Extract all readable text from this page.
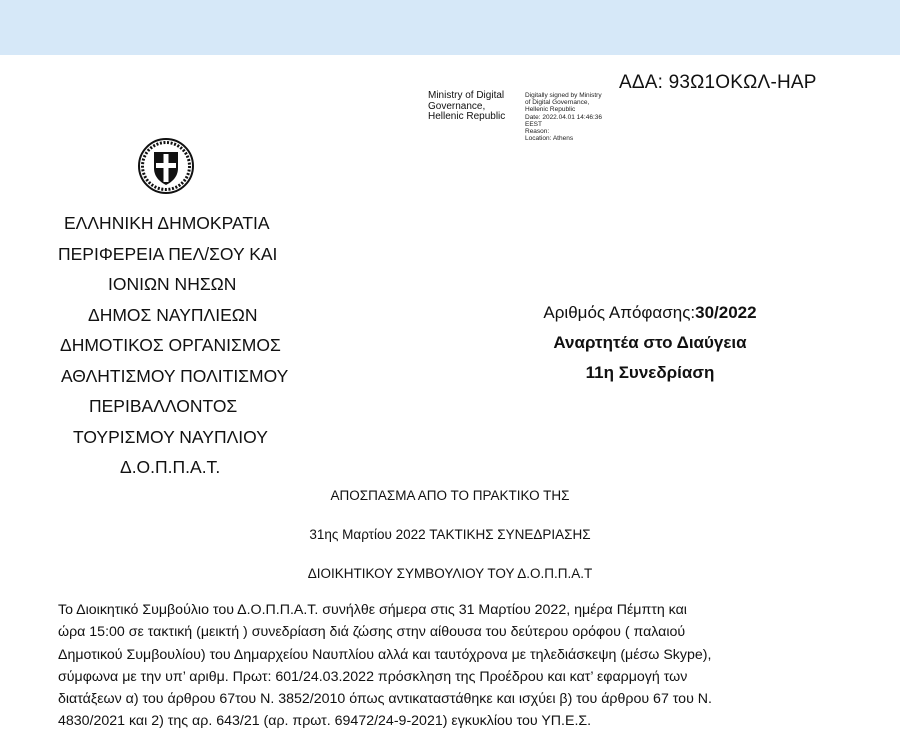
ΑΔΑ: 93Ω1ΟΚΩΛ-ΗΑΡ
Ministry of Digital
Governance,
Hellenic Republic
Digitally signed by Ministry
of Digital Governance,
Hellenic Republic
Date: 2022.04.01 14:46:36
EEST
Reason:
Location: Athens
ΕΛΛΗΝΙΚΗ ΔΗΜΟΚΡΑΤΙΑ
ΠΕΡΙΦΕΡΕΙΑ ΠΕΛ/ΣΟΥ ΚΑΙ
ΙΟΝΙΩΝ ΝΗΣΩΝ
ΔΗΜΟΣ ΝΑΥΠΛΙΕΩΝ
ΔΗΜΟΤΙΚΟΣ ΟΡΓΑΝΙΣΜΟΣ
ΑΘΛΗΤΙΣΜΟΥ ΠΟΛΙΤΙΣΜΟΥ
ΠΕΡΙΒΑΛΛΟΝΤΟΣ
ΤΟΥΡΙΣΜΟΥ ΝΑΥΠΛΙΟΥ
Δ.Ο.Π.Π.Α.Τ.
Αριθμός Απόφασης:30/2022
Αναρτητέα στο Διαύγεια
11η Συνεδρίαση
ΑΠΟΣΠΑΣΜΑ ΑΠΟ ΤΟ ΠΡΑΚΤΙΚΟ ΤΗΣ
31ης Μαρτίου 2022 ΤΑΚΤΙΚΗΣ ΣΥΝΕΔΡΙΑΣΗΣ
ΔΙΟΙΚΗΤΙΚΟΥ ΣΥΜΒΟΥΛΙΟΥ ΤΟΥ Δ.Ο.Π.Π.Α.Τ
Το Διοικητικό Συμβούλιο του Δ.Ο.Π.Π.Α.Τ. συνήλθε σήμερα στις 31 Μαρτίου 2022, ημέρα Πέμπτη και
ώρα 15:00 σε τακτική (μεικτή ) συνεδρίαση διά ζώσης στην αίθουσα του δεύτερου ορόφου ( παλαιού
Δημοτικού Συμβουλίου) του Δημαρχείου Ναυπλίου αλλά και ταυτόχρονα με τηλεδιάσκεψη (μέσω Skype),
σύμφωνα με την υπ’ αριθμ. Πρωτ: 601/24.03.2022 πρόσκληση της Προέδρου και κατ’ εφαρμογή των
διατάξεων α) του άρθρου 67του Ν. 3852/2010 όπως αντικαταστάθηκε και ισχύει β) του άρθρου 67 του Ν.
4830/2021 και 2) της αρ. 643/21 (αρ. πρωτ. 69472/24-9-2021) εγκυκλίου του ΥΠ.Ε.Σ.
